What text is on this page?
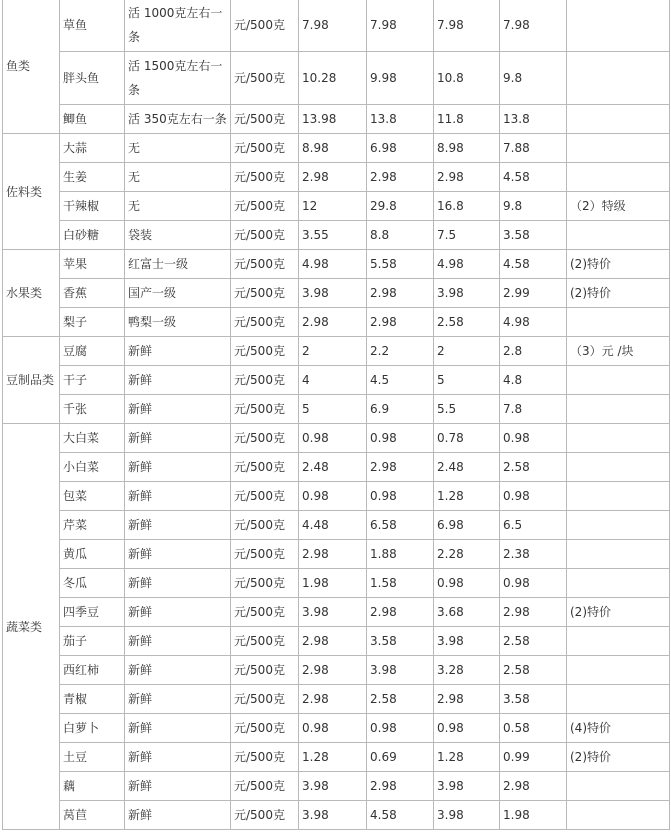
鱼类	草鱼	活 1000克左右一条	元/500克	7.98	7.98	7.98	7.98	
	胖头鱼	活 1500克左右一条	元/500克	10.28	9.98	10.8	9.8	
	鲫鱼	活 350克左右一条	元/500克	13.98	13.8	11.8	13.8	
佐料类	大蒜	无	元/500克	8.98	6.98	8.98	7.88	
	生姜	无	元/500克	2.98	2.98	2.98	4.58	
	干辣椒	无	元/500克	12	29.8	16.8	9.8	（2）特级
	白砂糖	袋装	元/500克	3.55	8.8	7.5	3.58	
水果类	苹果	红富士一级	元/500克	4.98	5.58	4.98	4.58	(2)特价
	香蕉	国产一级	元/500克	3.98	2.98	3.98	2.99	(2)特价
	梨子	鸭梨一级	元/500克	2.98	2.98	2.58	4.98	
豆制品类	豆腐	新鲜	元/500克	2	2.2	2	2.8	（3）元 /块
	干子	新鲜	元/500克	4	4.5	5	4.8	
	千张	新鲜	元/500克	5	6.9	5.5	7.8	
蔬菜类	大白菜	新鲜	元/500克	0.98	0.98	0.78	0.98	
	小白菜	新鲜	元/500克	2.48	2.98	2.48	2.58	
	包菜	新鲜	元/500克	0.98	0.98	1.28	0.98	
	芹菜	新鲜	元/500克	4.48	6.58	6.98	6.5	
	黄瓜	新鲜	元/500克	2.98	1.88	2.28	2.38	
	冬瓜	新鲜	元/500克	1.98	1.58	0.98	0.98	
	四季豆	新鲜	元/500克	3.98	2.98	3.68	2.98	(2)特价
	茄子	新鲜	元/500克	2.98	3.58	3.98	2.58	
	西红柿	新鲜	元/500克	2.98	3.98	3.28	2.58	
	青椒	新鲜	元/500克	2.98	2.58	2.98	3.58	
	白萝卜	新鲜	元/500克	0.98	0.98	0.98	0.58	(4)特价
	土豆	新鲜	元/500克	1.28	0.69	1.28	0.99	(2)特价
	藕	新鲜	元/500克	3.98	2.98	3.98	2.98	
	莴苣	新鲜	元/500克	3.98	4.58	3.98	1.98	
